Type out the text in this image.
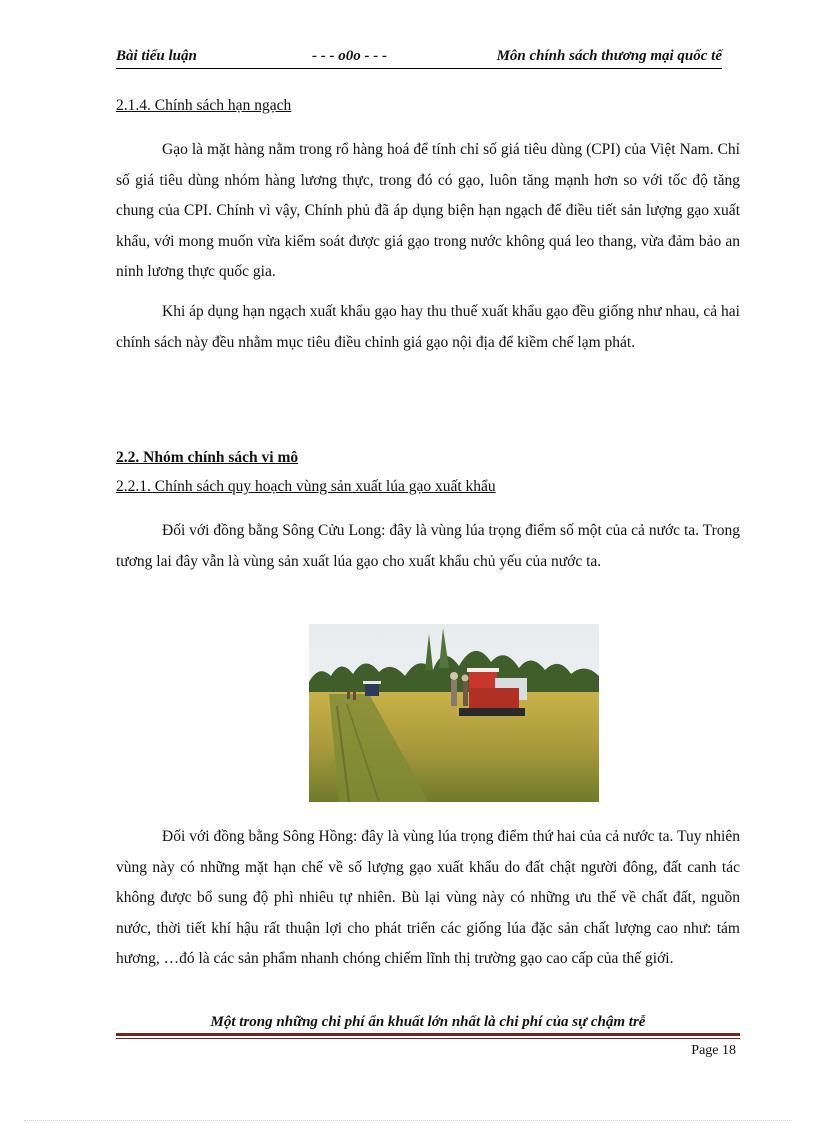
Bài tiểu luận	- - - o0o - - -	Môn chính sách thương mại quốc tế

2.1.4. Chính sách hạn ngạch

Gạo là mặt hàng nằm trong rổ hàng hoá để tính chỉ số giá tiêu dùng (CPI) của Việt Nam. Chỉ số giá tiêu dùng nhóm hàng lương thực, trong đó có gạo, luôn tăng mạnh hơn so với tốc độ tăng chung của CPI. Chính vì vậy, Chính phủ đã áp dụng biện hạn ngạch để điều tiết sản lượng gạo xuất khẩu, với mong muốn vừa kiểm soát được giá gạo trong nước không quá leo thang, vừa đảm bảo an ninh lương thực quốc gia.

Khi áp dụng hạn ngạch xuất khẩu gạo hay thu thuế xuất khẩu gạo đều giống như nhau, cả hai chính sách này đều nhằm mục tiêu điều chỉnh giá gạo nội địa để kiềm chế lạm phát.

2.2. Nhóm chính sách vi mô

2.2.1. Chính sách quy hoạch vùng sản xuất lúa gạo xuất khẩu

Đối với đồng bằng Sông Cửu Long: đây là vùng lúa trọng điểm số một của cả nước ta. Trong tương lai đây vẫn là vùng sản xuất lúa gạo cho xuất khẩu chủ yếu của nước ta.

Đối với đồng bằng Sông Hồng: đây là vùng lúa trọng điểm thứ hai của cả nước ta. Tuy nhiên vùng này có những mặt hạn chế về số lượng gạo xuất khẩu do đất chật người đông, đất canh tác không được bổ sung độ phì nhiêu tự nhiên. Bù lại vùng này có những ưu thế về chất đất, nguồn nước, thời tiết khí hậu rất thuận lợi cho phát triển các giống lúa đặc sản chất lượng cao như: tám hương, …đó là các sản phẩm nhanh chóng chiếm lĩnh thị trường gạo cao cấp của thế giới.

Một trong những chi phí ẩn khuất lớn nhất là chi phí của sự chậm trễ
Page 18
